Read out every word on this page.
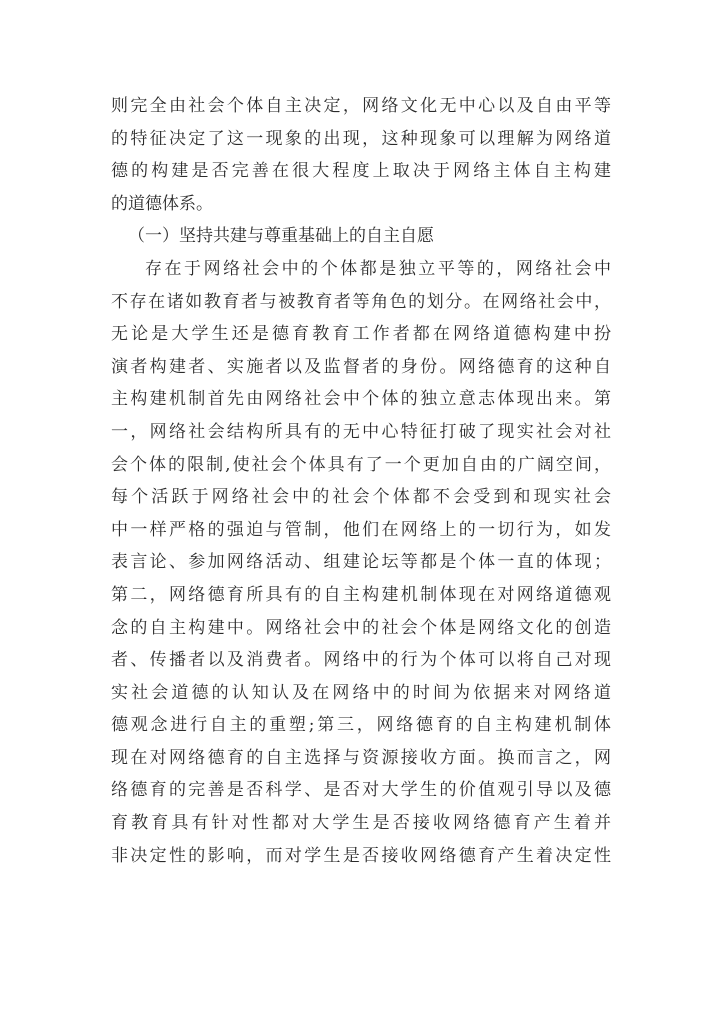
则完全由社会个体自主决定，网络文化无中心以及自由平等
的特征决定了这一现象的出现，这种现象可以理解为网络道
德的构建是否完善在很大程度上取决于网络主体自主构建
的道德体系。
（一）坚持共建与尊重基础上的自主自愿
存在于网络社会中的个体都是独立平等的，网络社会中
不存在诸如教育者与被教育者等角色的划分。在网络社会中，
无论是大学生还是德育教育工作者都在网络道德构建中扮
演者构建者、实施者以及监督者的身份。网络德育的这种自
主构建机制首先由网络社会中个体的独立意志体现出来。第
一，网络社会结构所具有的无中心特征打破了现实社会对社
会个体的限制,使社会个体具有了一个更加自由的广阔空间，
每个活跃于网络社会中的社会个体都不会受到和现实社会
中一样严格的强迫与管制，他们在网络上的一切行为，如发
表言论、参加网络活动、组建论坛等都是个体一直的体现；
第二，网络德育所具有的自主构建机制体现在对网络道德观
念的自主构建中。网络社会中的社会个体是网络文化的创造
者、传播者以及消费者。网络中的行为个体可以将自己对现
实社会道德的认知认及在网络中的时间为依据来对网络道
德观念进行自主的重塑;第三，网络德育的自主构建机制体
现在对网络德育的自主选择与资源接收方面。换而言之，网
络德育的完善是否科学、是否对大学生的价值观引导以及德
育教育具有针对性都对大学生是否接收网络德育产生着并
非决定性的影响，而对学生是否接收网络德育产生着决定性
